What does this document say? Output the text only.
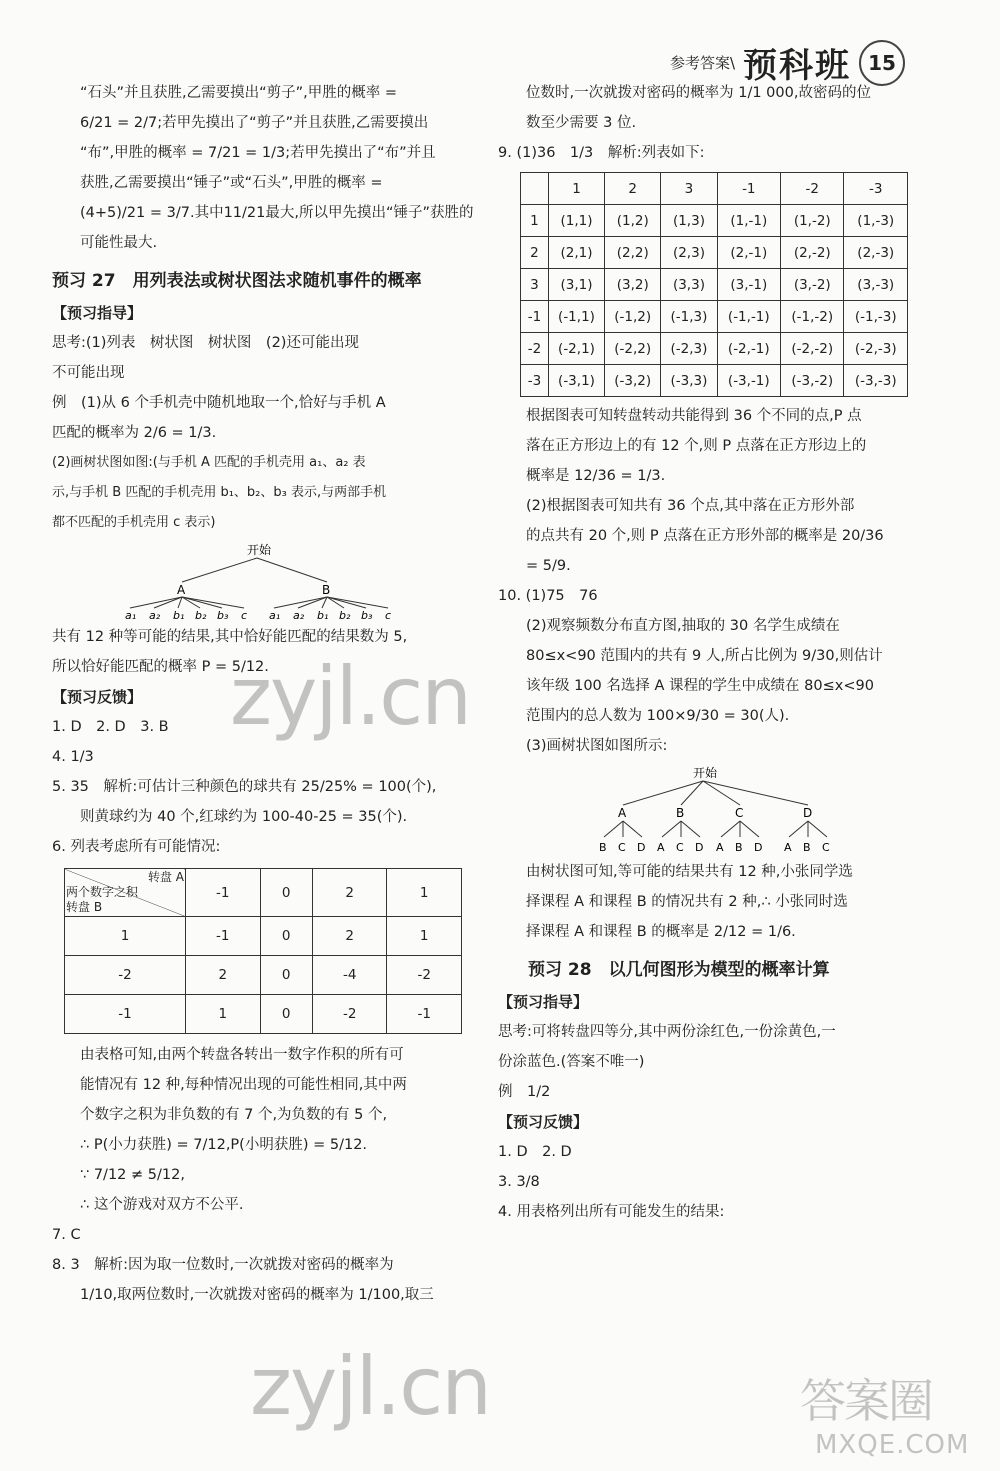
参考答案\ 预科班 15
“石头”并且获胜,乙需要摸出“剪子”,甲胜的概率 =
6/21 = 2/7;若甲先摸出了“剪子”并且获胜,乙需要摸出
“布”,甲胜的概率 = 7/21 = 1/3;若甲先摸出了“布”并且
获胜,乙需要摸出“锤子”或“石头”,甲胜的概率 =
(4+5)/21 = 3/7.其中11/21最大,所以甲先摸出“锤子”获胜的
可能性最大.
预习 27　用列表法或树状图法求随机事件的概率
【预习指导】
思考:(1)列表　树状图　树状图　(2)还可能出现
不可能出现
例　(1)从 6 个手机壳中随机地取一个,恰好与手机 A
匹配的概率为 2/6 = 1/3.
(2)画树状图如图:(与手机 A 匹配的手机壳用 a₁、a₂ 表
示,与手机 B 匹配的手机壳用 b₁、b₂、b₃ 表示,与两部手机
都不匹配的手机壳用 c 表示)
开始
A	B
a₁ a₂ b₁ b₂ b₃ c a₁ a₂ b₁ b₂ b₃ c
共有 12 种等可能的结果,其中恰好能匹配的结果数为 5,
所以恰好能匹配的概率 P = 5/12.
【预习反馈】
1. D　2. D　3. B
4. 1/3
5. 35　解析:可估计三种颜色的球共有 25/25% = 100(个),
则黄球约为 40 个,红球约为 100-40-25 = 35(个).
6. 列表考虑所有可能情况:
转盘 A
两个数字之积
转盘 B	-1	0	2	1
1	-1	0	2	1
-2	2	0	-4	-2
-1	1	0	-2	-1
由表格可知,由两个转盘各转出一数字作积的所有可
能情况有 12 种,每种情况出现的可能性相同,其中两
个数字之积为非负数的有 7 个,为负数的有 5 个,
∴ P(小力获胜) = 7/12,P(小明获胜) = 5/12.
∵ 7/12 ≠ 5/12,
∴ 这个游戏对双方不公平.
7. C
8. 3　解析:因为取一位数时,一次就拨对密码的概率为
1/10,取两位数时,一次就拨对密码的概率为 1/100,取三
位数时,一次就拨对密码的概率为 1/1 000,故密码的位
数至少需要 3 位.
9. (1)36　1/3　解析:列表如下:
	1	2	3	-1	-2	-3
1	(1,1)	(1,2)	(1,3)	(1,-1)	(1,-2)	(1,-3)
2	(2,1)	(2,2)	(2,3)	(2,-1)	(2,-2)	(2,-3)
3	(3,1)	(3,2)	(3,3)	(3,-1)	(3,-2)	(3,-3)
-1	(-1,1)	(-1,2)	(-1,3)	(-1,-1)	(-1,-2)	(-1,-3)
-2	(-2,1)	(-2,2)	(-2,3)	(-2,-1)	(-2,-2)	(-2,-3)
-3	(-3,1)	(-3,2)	(-3,3)	(-3,-1)	(-3,-2)	(-3,-3)
根据图表可知转盘转动共能得到 36 个不同的点,P 点
落在正方形边上的有 12 个,则 P 点落在正方形边上的
概率是 12/36 = 1/3.
(2)根据图表可知共有 36 个点,其中落在正方形外部
的点共有 20 个,则 P 点落在正方形外部的概率是 20/36
= 5/9.
10. (1)75　76
(2)观察频数分布直方图,抽取的 30 名学生成绩在
80≤x<90 范围内的共有 9 人,所占比例为 9/30,则估计
该年级 100 名选择 A 课程的学生中成绩在 80≤x<90
范围内的总人数为 100×9/30 = 30(人).
(3)画树状图如图所示:
开始
A	B	C	D
B C D A C D A B D A B C
由树状图可知,等可能的结果共有 12 种,小张同学选
择课程 A 和课程 B 的情况共有 2 种,∴ 小张同时选
择课程 A 和课程 B 的概率是 2/12 = 1/6.
预习 28　以几何图形为模型的概率计算
【预习指导】
思考:可将转盘四等分,其中两份涂红色,一份涂黄色,一
份涂蓝色.(答案不唯一)
例　1/2
【预习反馈】
1. D　2. D
3. 3/8
4. 用表格列出所有可能发生的结果:
zyjl.cn
zyjl.cn	答案圈
MXQE.COM
